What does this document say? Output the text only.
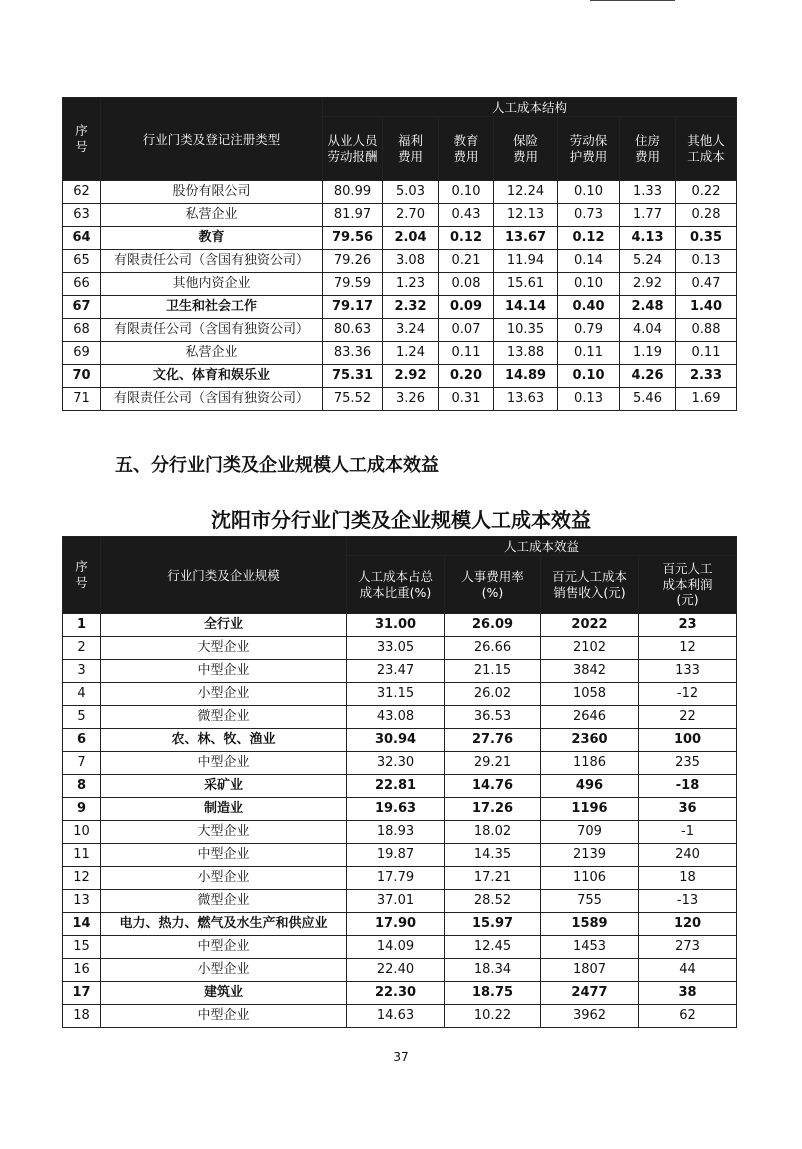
序号	行业门类及登记注册类型	人工成本结构						

		从业人员劳动报酬	福利费用	教育费用	保险费用	劳动保护费用	住房费用	其他人工成本

62	股份有限公司	80.99	5.03	0.10	12.24	0.10	1.33	0.22
63	私营企业	81.97	2.70	0.43	12.13	0.73	1.77	0.28
64	教育	79.56	2.04	0.12	13.67	0.12	4.13	0.35
65	有限责任公司（含国有独资公司）	79.26	3.08	0.21	11.94	0.14	5.24	0.13
66	其他内资企业	79.59	1.23	0.08	15.61	0.10	2.92	0.47
67	卫生和社会工作	79.17	2.32	0.09	14.14	0.40	2.48	1.40
68	有限责任公司（含国有独资公司）	80.63	3.24	0.07	10.35	0.79	4.04	0.88
69	私营企业	83.36	1.24	0.11	13.88	0.11	1.19	0.11
70	文化、体育和娱乐业	75.31	2.92	0.20	14.89	0.10	4.26	2.33
71	有限责任公司（含国有独资公司）	75.52	3.26	0.31	13.63	0.13	5.46	1.69
五、分行业门类及企业规模人工成本效益
沈阳市分行业门类及企业规模人工成本效益
序号	行业门类及企业规模	人工成本效益			

		人工成本占总成本比重(%)	人事费用率(%)	百元人工成本销售收入(元)	百元人工成本利润(元)

1	全行业	31.00	26.09	2022	23
2	大型企业	33.05	26.66	2102	12
3	中型企业	23.47	21.15	3842	133
4	小型企业	31.15	26.02	1058	-12
5	微型企业	43.08	36.53	2646	22
6	农、林、牧、渔业	30.94	27.76	2360	100
7	中型企业	32.30	29.21	1186	235
8	采矿业	22.81	14.76	496	-18
9	制造业	19.63	17.26	1196	36
10	大型企业	18.93	18.02	709	-1
11	中型企业	19.87	14.35	2139	240
12	小型企业	17.79	17.21	1106	18
13	微型企业	37.01	28.52	755	-13
14	电力、热力、燃气及水生产和供应业	17.90	15.97	1589	120
15	中型企业	14.09	12.45	1453	273
16	小型企业	22.40	18.34	1807	44
17	建筑业	22.30	18.75	2477	38
18	中型企业	14.63	10.22	3962	62
37
